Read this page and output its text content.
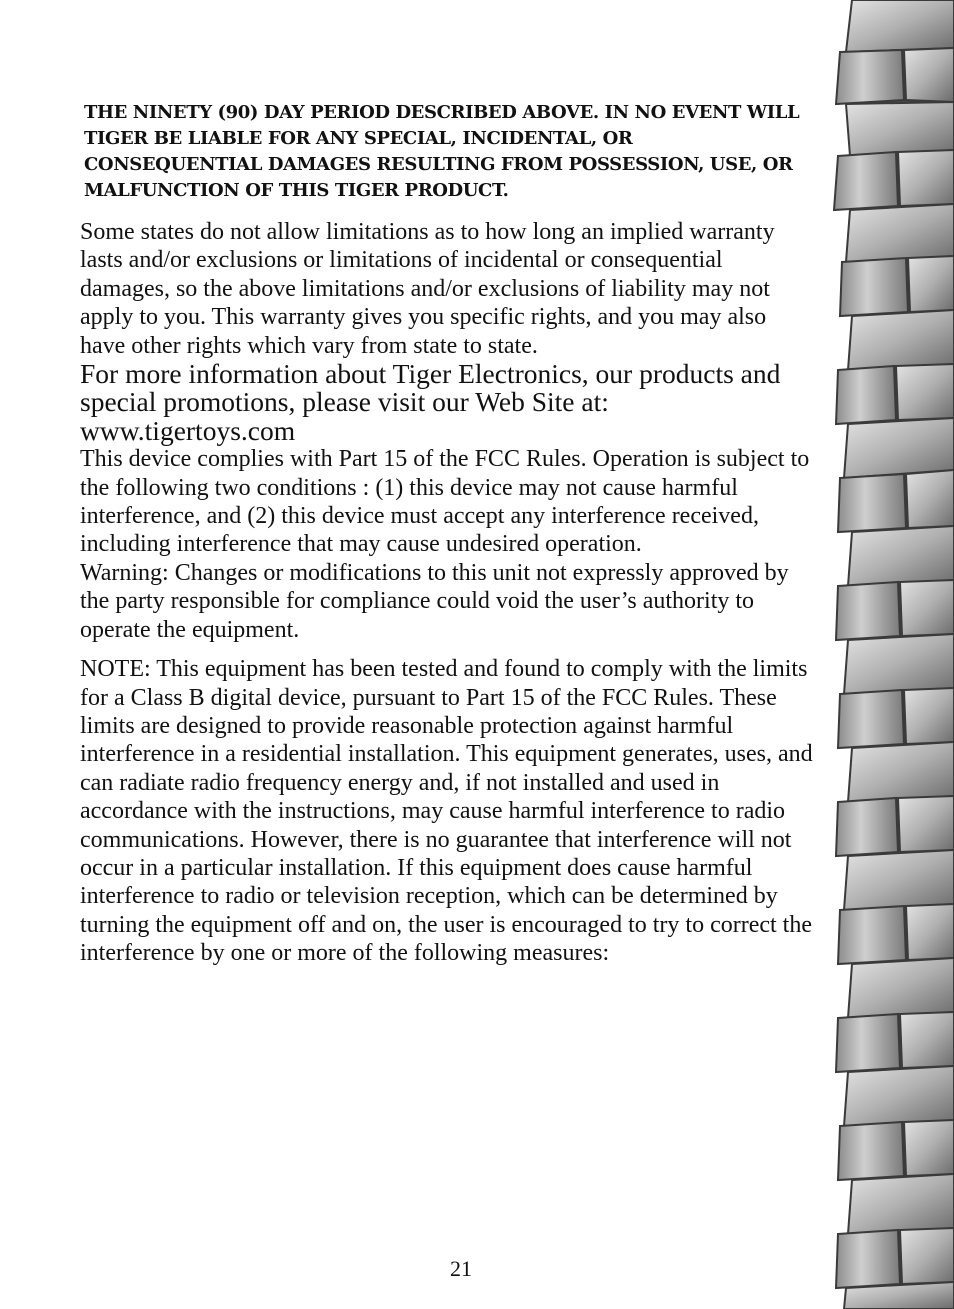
THE NINETY (90) DAY PERIOD DESCRIBED ABOVE. IN NO EVENT WILL TIGER BE LIABLE FOR ANY SPECIAL, INCIDENTAL, OR CONSEQUENTIAL DAMAGES RESULTING FROM POSSESSION, USE, OR MALFUNCTION OF THIS TIGER PRODUCT.

Some states do not allow limitations as to how long an implied warranty lasts and/or exclusions or limitations of incidental or consequential damages, so the above limitations and/or exclusions of liability may not apply to you. This warranty gives you specific rights, and you may also have other rights which vary from state to state.

For more information about Tiger Electronics, our products and special promotions, please visit our Web Site at: www.tigertoys.com

This device complies with Part 15 of the FCC Rules. Operation is subject to the following two conditions : (1) this device may not cause harmful interference, and (2) this device must accept any interference received, including interference that may cause undesired operation.

Warning: Changes or modifications to this unit not expressly approved by the party responsible for compliance could void the user’s authority to operate the equipment.

NOTE: This equipment has been tested and found to comply with the limits for a Class B digital device, pursuant to Part 15 of the FCC Rules. These limits are designed to provide reasonable protection against harmful interference in a residential installation. This equipment generates, uses, and can radiate radio frequency energy and, if not installed and used in accordance with the instructions, may cause harmful interference to radio communications. However, there is no guarantee that interference will not occur in a particular installation. If this equipment does cause harmful interference to radio or television reception, which can be determined by turning the equipment off and on, the user is encouraged to try to correct the interference by one or more of the following measures:

21
